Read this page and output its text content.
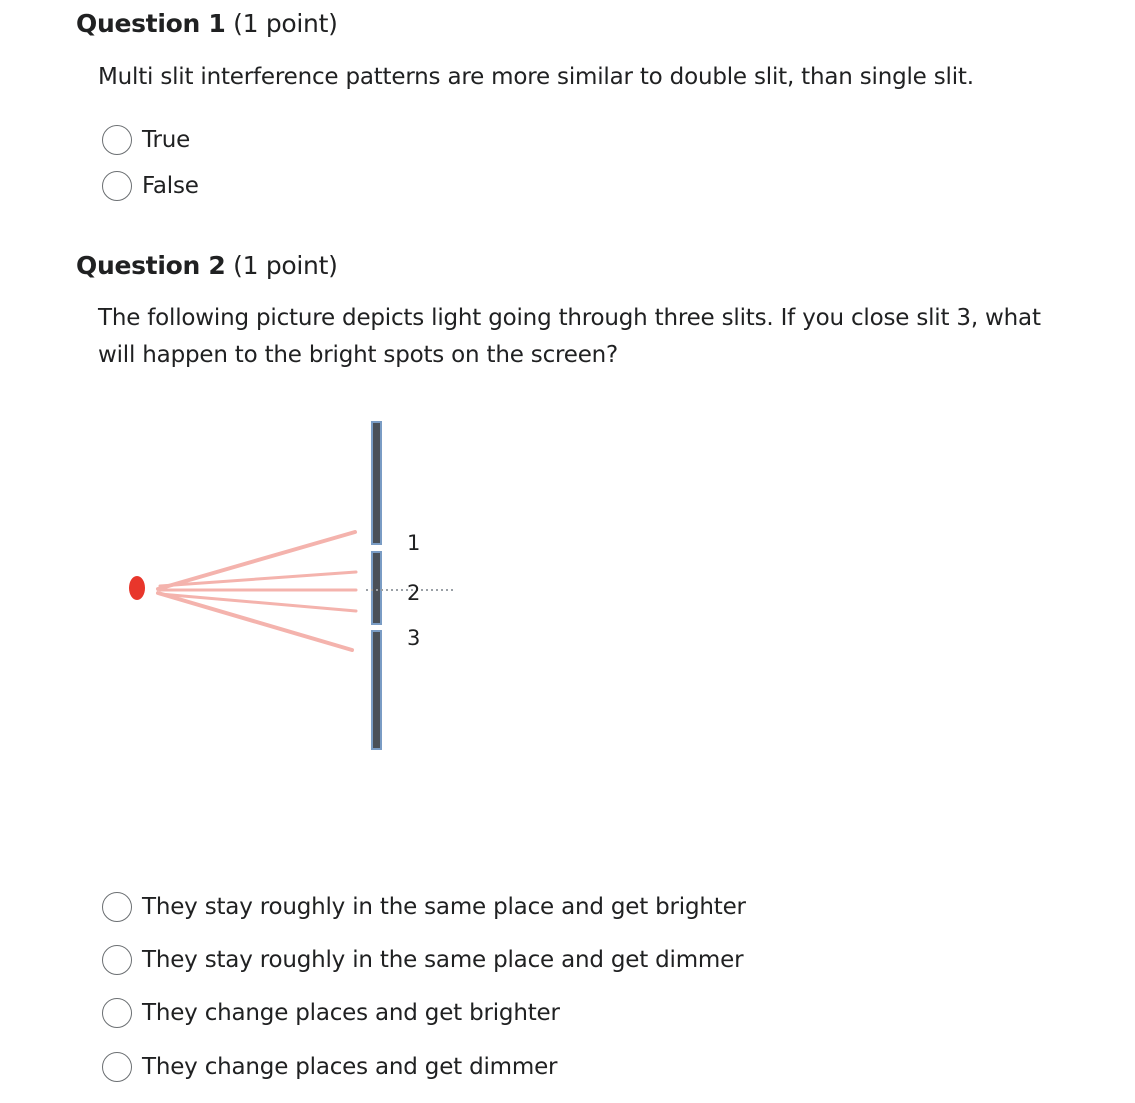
Question 1 (1 point)
Multi slit interference patterns are more similar to double slit, than single slit.
True
False
Question 2 (1 point)
The following picture depicts light going through three slits. If you close slit 3, what will happen to the bright spots on the screen?
1
2
3
They stay roughly in the same place and get brighter
They stay roughly in the same place and get dimmer
They change places and get brighter
They change places and get dimmer
